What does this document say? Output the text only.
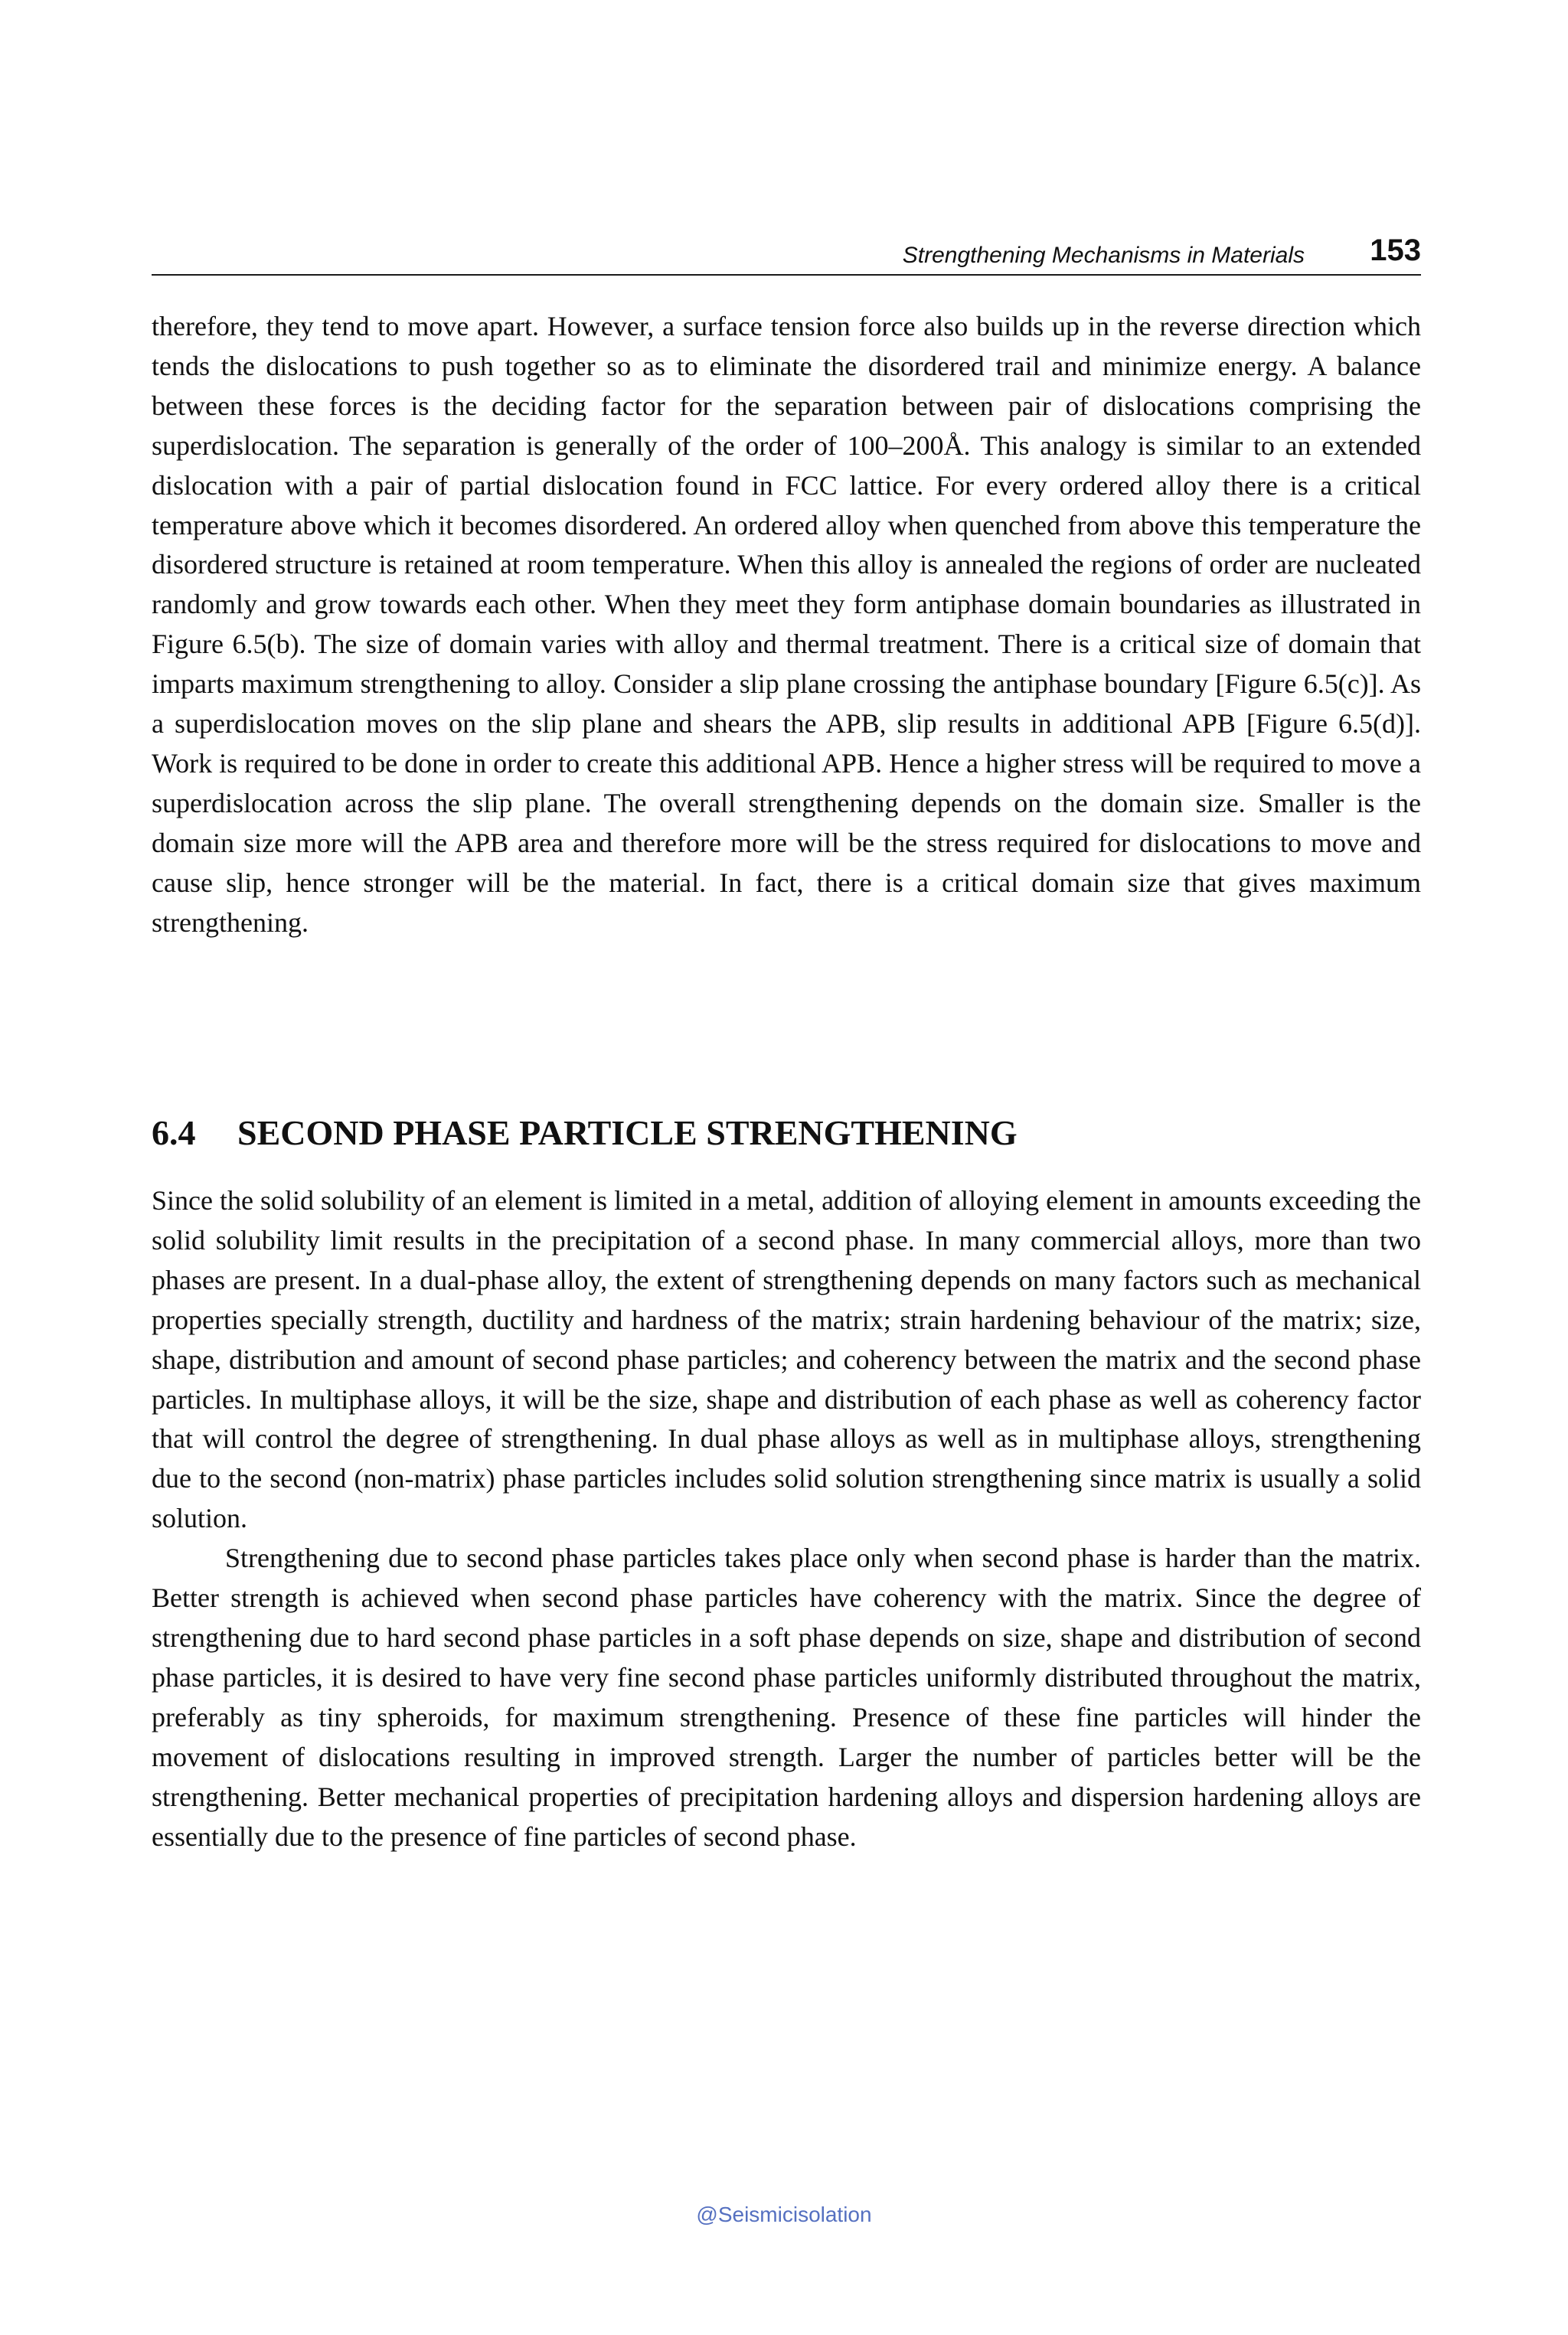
Strengthening Mechanisms in Materials 153

therefore, they tend to move apart. However, a surface tension force also builds up in the reverse direction which tends the dislocations to push together so as to eliminate the disordered trail and minimize energy. A balance between these forces is the deciding factor for the separation between pair of dislocations comprising the superdislocation. The separation is generally of the order of 100–200Å. This analogy is similar to an extended dislocation with a pair of partial dislocation found in FCC lattice. For every ordered alloy there is a critical temperature above which it becomes disordered. An ordered alloy when quenched from above this temperature the disordered structure is retained at room temperature. When this alloy is annealed the regions of order are nucleated randomly and grow towards each other. When they meet they form antiphase domain boundaries as illustrated in Figure 6.5(b). The size of domain varies with alloy and thermal treatment. There is a critical size of domain that imparts maximum strengthening to alloy. Consider a slip plane crossing the antiphase boundary [Figure 6.5(c)]. As a superdislocation moves on the slip plane and shears the APB, slip results in additional APB [Figure 6.5(d)]. Work is required to be done in order to create this additional APB. Hence a higher stress will be required to move a superdislocation across the slip plane. The overall strengthening depends on the domain size. Smaller is the domain size more will the APB area and therefore more will be the stress required for dislocations to move and cause slip, hence stronger will be the material. In fact, there is a critical domain size that gives maximum strengthening.

6.4 SECOND PHASE PARTICLE STRENGTHENING

Since the solid solubility of an element is limited in a metal, addition of alloying element in amounts exceeding the solid solubility limit results in the precipitation of a second phase. In many commercial alloys, more than two phases are present. In a dual-phase alloy, the extent of strengthening depends on many factors such as mechanical properties specially strength, ductility and hardness of the matrix; strain hardening behaviour of the matrix; size, shape, distribution and amount of second phase particles; and coherency between the matrix and the second phase particles. In multiphase alloys, it will be the size, shape and distribution of each phase as well as coherency factor that will control the degree of strengthening. In dual phase alloys as well as in multiphase alloys, strengthening due to the second (non-matrix) phase particles includes solid solution strengthening since matrix is usually a solid solution.

Strengthening due to second phase particles takes place only when second phase is harder than the matrix. Better strength is achieved when second phase particles have coherency with the matrix. Since the degree of strengthening due to hard second phase particles in a soft phase depends on size, shape and distribution of second phase particles, it is desired to have very fine second phase particles uniformly distributed throughout the matrix, preferably as tiny spheroids, for maximum strengthening. Presence of these fine particles will hinder the movement of dislocations resulting in improved strength. Larger the number of particles better will be the strengthening. Better mechanical properties of precipitation hardening alloys and dispersion hardening alloys are essentially due to the presence of fine particles of second phase.

@Seismicisolation
